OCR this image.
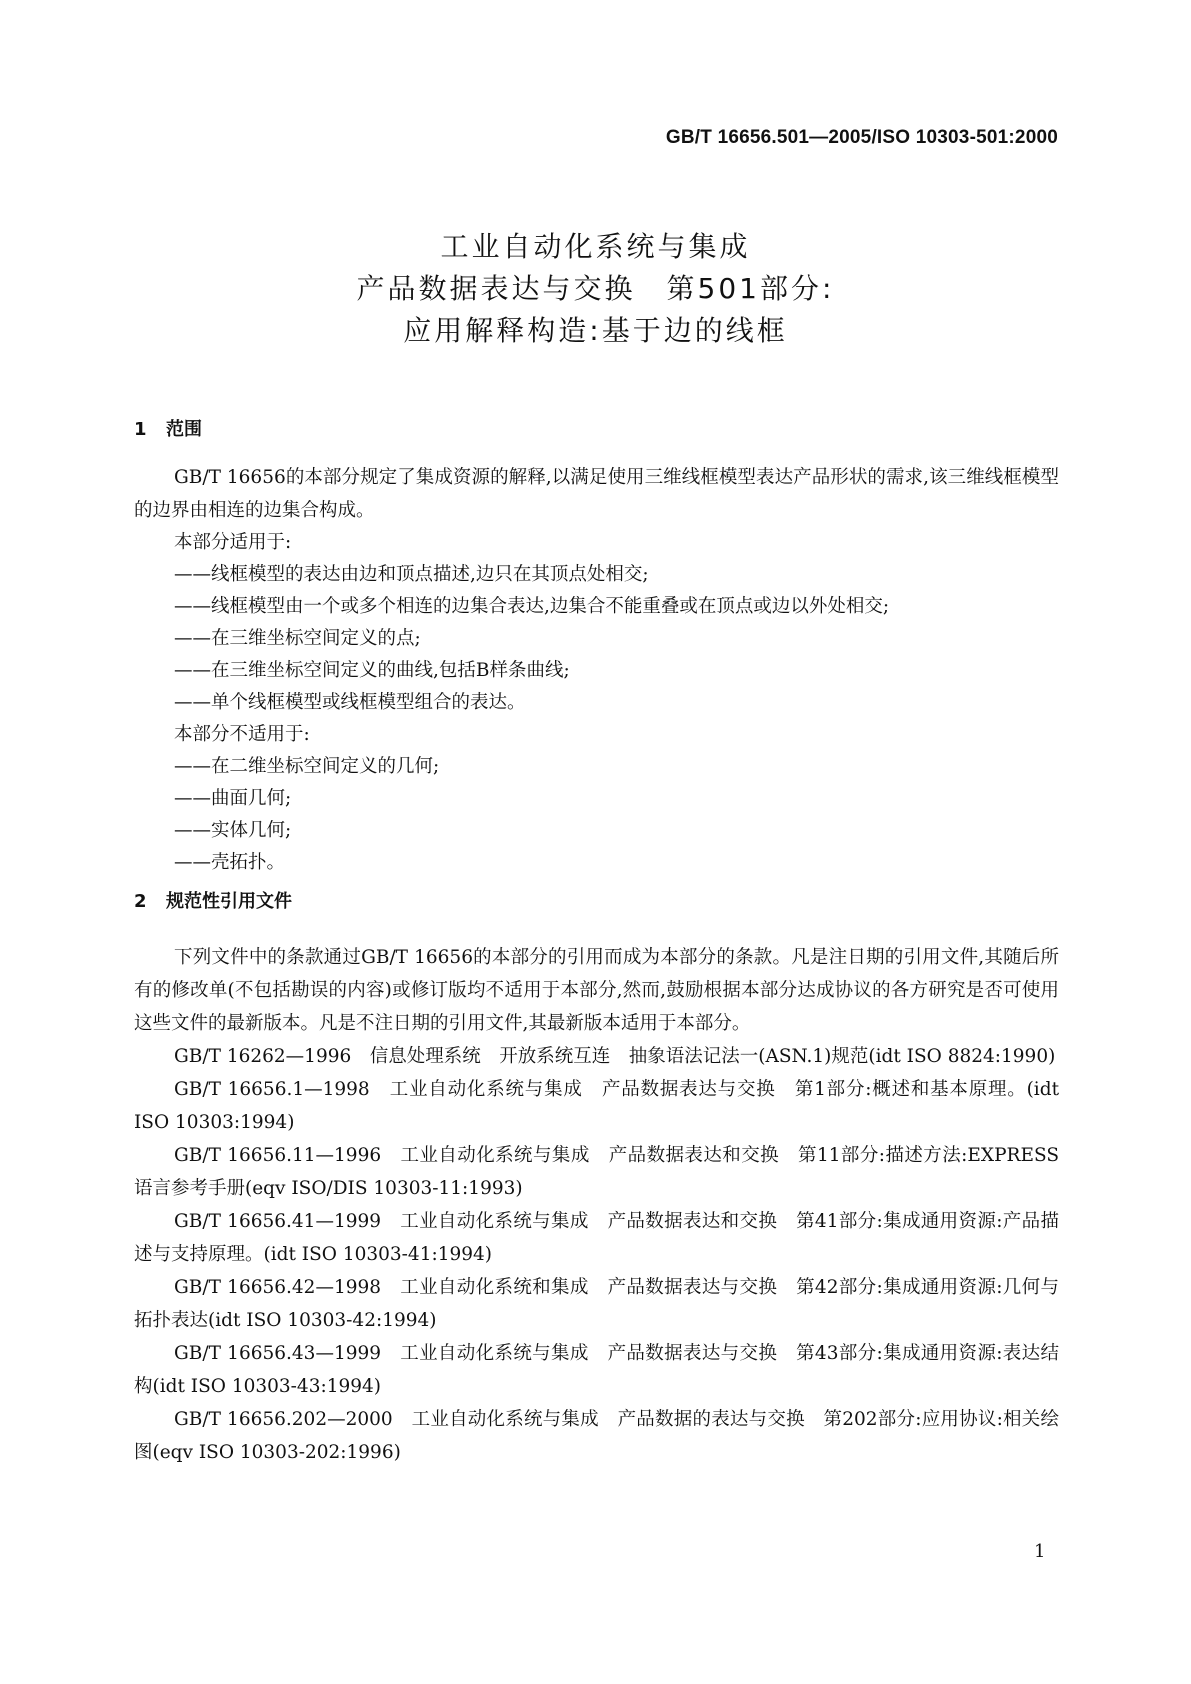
GB/T 16656.501—2005/ISO 10303-501:2000
工业自动化系统与集成
产品数据表达与交换　第501部分:
应用解释构造:基于边的线框
1 范围

GB/T 16656的本部分规定了集成资源的解释,以满足使用三维线框模型表达产品形状的需求,该三维线框模型的边界由相连的边集合构成。

本部分适用于:
——线框模型的表达由边和顶点描述,边只在其顶点处相交;
——线框模型由一个或多个相连的边集合表达,边集合不能重叠或在顶点或边以外处相交;
——在三维坐标空间定义的点;
——在三维坐标空间定义的曲线,包括B样条曲线;
——单个线框模型或线框模型组合的表达。
本部分不适用于:
——在二维坐标空间定义的几何;
——曲面几何;
——实体几何;
——壳拓扑。
2 规范性引用文件

下列文件中的条款通过GB/T 16656的本部分的引用而成为本部分的条款。凡是注日期的引用文件,其随后所有的修改单(不包括勘误的内容)或修订版均不适用于本部分,然而,鼓励根据本部分达成协议的各方研究是否可使用这些文件的最新版本。凡是不注日期的引用文件,其最新版本适用于本部分。

GB/T 16262—1996　信息处理系统　开放系统互连　抽象语法记法一(ASN.1)规范(idt ISO 8824:1990)

GB/T 16656.1—1998　工业自动化系统与集成　产品数据表达与交换　第1部分:概述和基本原理。(idt ISO 10303:1994)

GB/T 16656.11—1996　工业自动化系统与集成　产品数据表达和交换　第11部分:描述方法:EXPRESS语言参考手册(eqv ISO/DIS 10303-11:1993)

GB/T 16656.41—1999　工业自动化系统与集成　产品数据表达和交换　第41部分:集成通用资源:产品描述与支持原理。(idt ISO 10303-41:1994)

GB/T 16656.42—1998　工业自动化系统和集成　产品数据表达与交换　第42部分:集成通用资源:几何与拓扑表达(idt ISO 10303-42:1994)

GB/T 16656.43—1999　工业自动化系统与集成　产品数据表达与交换　第43部分:集成通用资源:表达结构(idt ISO 10303-43:1994)

GB/T 16656.202—2000　工业自动化系统与集成　产品数据的表达与交换　第202部分:应用协议:相关绘图(eqv ISO 10303-202:1996)

1
